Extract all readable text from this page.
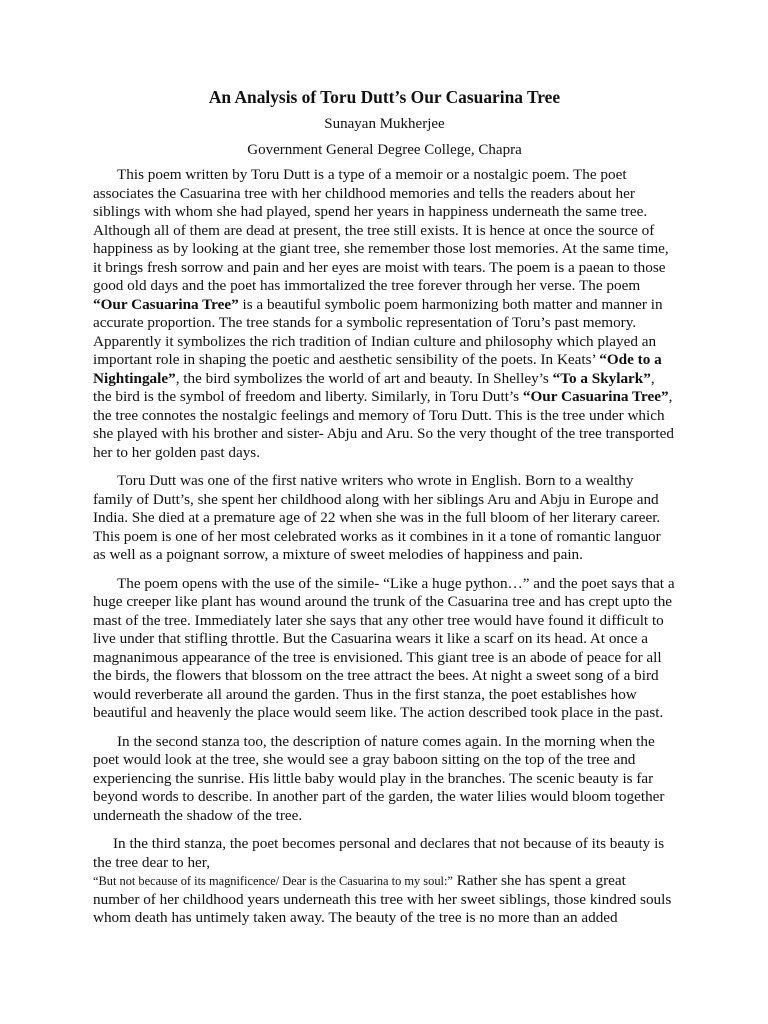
An Analysis of Toru Dutt’s Our Casuarina Tree

Sunayan Mukherjee

Government General Degree College, Chapra

This poem written by Toru Dutt is a type of a memoir or a nostalgic poem. The poet associates the Casuarina tree with her childhood memories and tells the readers about her siblings with whom she had played, spend her years in happiness underneath the same tree. Although all of them are dead at present, the tree still exists. It is hence at once the source of happiness as by looking at the giant tree, she remember those lost memories. At the same time, it brings fresh sorrow and pain and her eyes are moist with tears. The poem is a paean to those good old days and the poet has immortalized the tree forever through her verse. The poem “Our Casuarina Tree” is a beautiful symbolic poem harmonizing both matter and manner in accurate proportion. The tree stands for a symbolic representation of Toru’s past memory. Apparently it symbolizes the rich tradition of Indian culture and philosophy which played an important role in shaping the poetic and aesthetic sensibility of the poets. In Keats’ “Ode to a Nightingale”, the bird symbolizes the world of art and beauty. In Shelley’s “To a Skylark”, the bird is the symbol of freedom and liberty. Similarly, in Toru Dutt’s “Our Casuarina Tree”, the tree connotes the nostalgic feelings and memory of Toru Dutt. This is the tree under which she played with his brother and sister- Abju and Aru. So the very thought of the tree transported her to her golden past days.

Toru Dutt was one of the first native writers who wrote in English. Born to a wealthy family of Dutt’s, she spent her childhood along with her siblings Aru and Abju in Europe and India. She died at a premature age of 22 when she was in the full bloom of her literary career. This poem is one of her most celebrated works as it combines in it a tone of romantic languor as well as a poignant sorrow, a mixture of sweet melodies of happiness and pain.

The poem opens with the use of the simile- “Like a huge python…” and the poet says that a huge creeper like plant has wound around the trunk of the Casuarina tree and has crept upto the mast of the tree. Immediately later she says that any other tree would have found it difficult to live under that stifling throttle. But the Casuarina wears it like a scarf on its head. At once a magnanimous appearance of the tree is envisioned. This giant tree is an abode of peace for all the birds, the flowers that blossom on the tree attract the bees. At night a sweet song of a bird would reverberate all around the garden. Thus in the first stanza, the poet establishes how beautiful and heavenly the place would seem like. The action described took place in the past.

In the second stanza too, the description of nature comes again. In the morning when the poet would look at the tree, she would see a gray baboon sitting on the top of the tree and experiencing the sunrise. His little baby would play in the branches. The scenic beauty is far beyond words to describe. In another part of the garden, the water lilies would bloom together underneath the shadow of the tree.

In the third stanza, the poet becomes personal and declares that not because of its beauty is the tree dear to her,
“But not because of its magnificence/ Dear is the Casuarina to my soul:” Rather she has spent a great number of her childhood years underneath this tree with her sweet siblings, those kindred souls whom death has untimely taken away. The beauty of the tree is no more than an added
